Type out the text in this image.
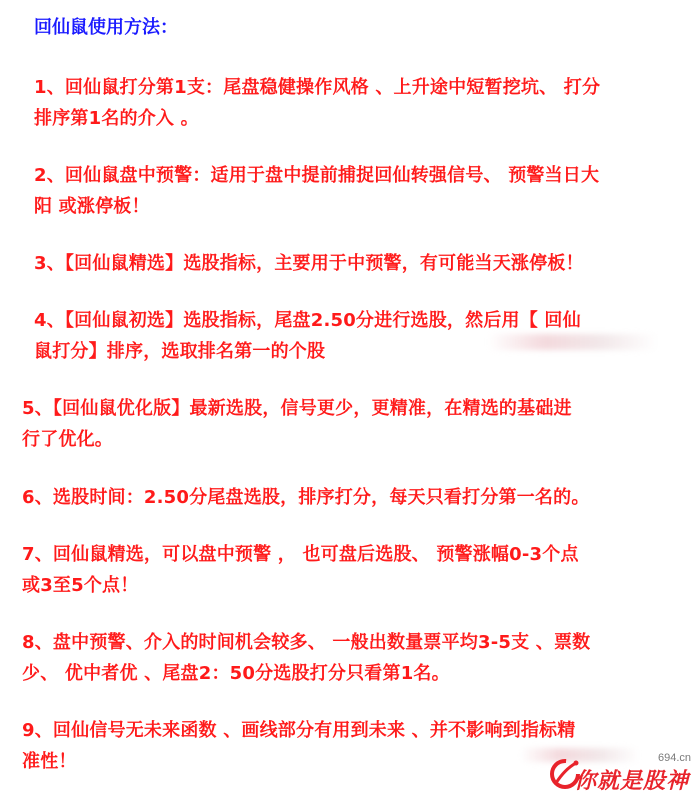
回仙鼠使用方法：
1、回仙鼠打分第1支：尾盘稳健操作风格 、上升途中短暂挖坑、 打分
排序第1名的介入 。
2、回仙鼠盘中预警：适用于盘中提前捕捉回仙转强信号、 预警当日大
阳 或涨停板！
3、【回仙鼠精选】选股指标，主要用于中预警，有可能当天涨停板！
4、【回仙鼠初选】选股指标，尾盘2.50分进行选股，然后用【 回仙
鼠打分】排序，选取排名第一的个股
5、【回仙鼠优化版】最新选股，信号更少，更精准，在精选的基础进
行了优化。
6、选股时间：2.50分尾盘选股，排序打分，每天只看打分第一名的。
7、回仙鼠精选，可以盘中预警 ， 也可盘后选股、 预警涨幅0-3个点
或3至5个点！
8、盘中预警、介入的时间机会较多、 一般出数量票平均3-5支 、票数
少、 优中者优 、尾盘2：50分选股打分只看第1名。
9、回仙信号无未来函数 、画线部分有用到未来 、并不影响到指标精
准性！	694.cn
你就是股神
